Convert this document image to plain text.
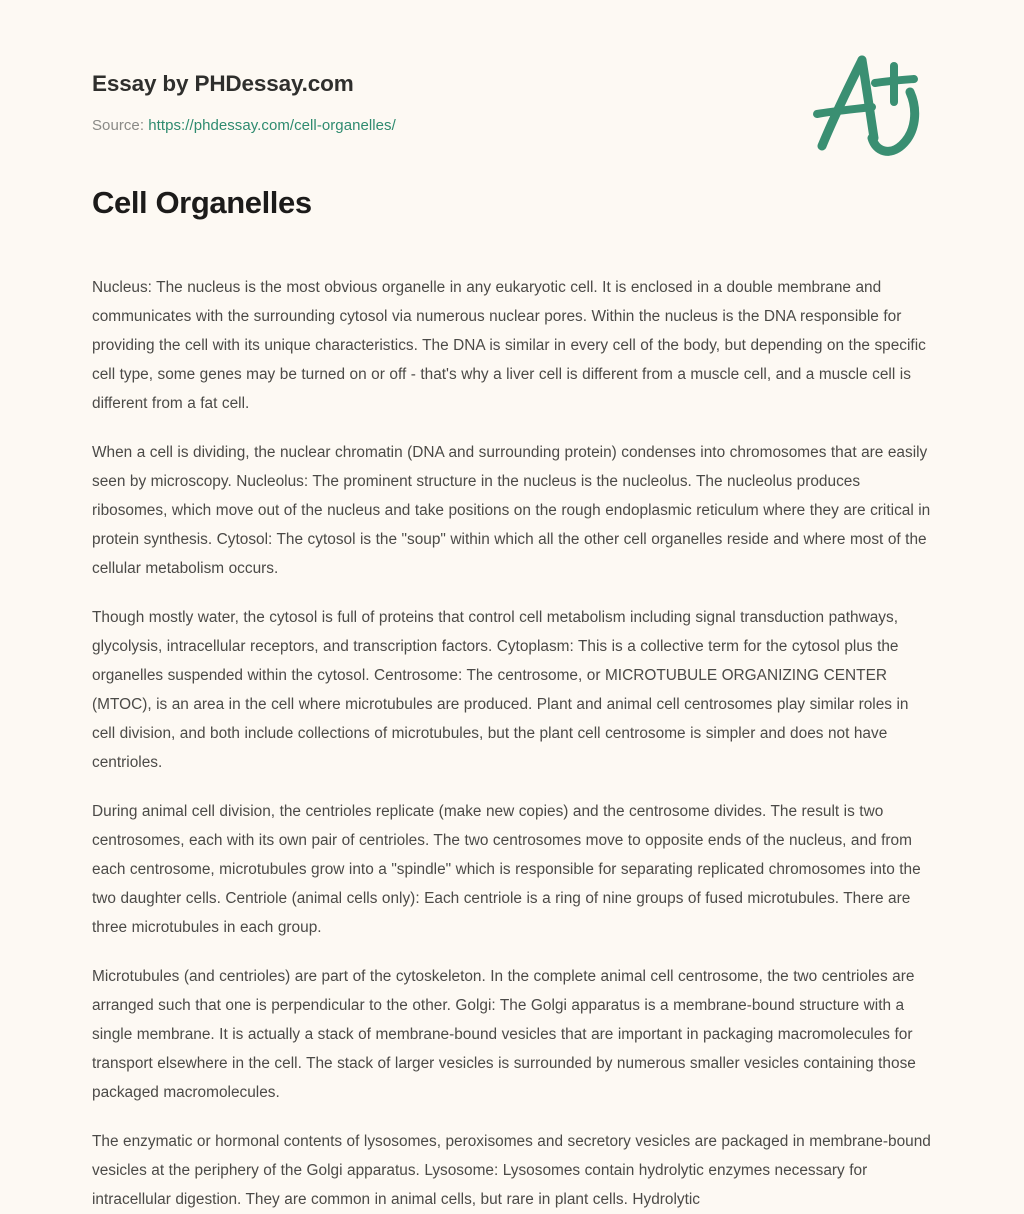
Essay by PHDessay.com
Source: https://phdessay.com/cell-organelles/
Cell Organelles

Nucleus: The nucleus is the most obvious organelle in any eukaryotic cell. It is enclosed in a double membrane and communicates with the surrounding cytosol via numerous nuclear pores. Within the nucleus is the DNA responsible for providing the cell with its unique characteristics. The DNA is similar in every cell of the body, but depending on the specific cell type, some genes may be turned on or off - that's why a liver cell is different from a muscle cell, and a muscle cell is different from a fat cell.

When a cell is dividing, the nuclear chromatin (DNA and surrounding protein) condenses into chromosomes that are easily seen by microscopy. Nucleolus: The prominent structure in the nucleus is the nucleolus. The nucleolus produces ribosomes, which move out of the nucleus and take positions on the rough endoplasmic reticulum where they are critical in protein synthesis. Cytosol: The cytosol is the "soup" within which all the other cell organelles reside and where most of the cellular metabolism occurs.

Though mostly water, the cytosol is full of proteins that control cell metabolism including signal transduction pathways, glycolysis, intracellular receptors, and transcription factors. Cytoplasm: This is a collective term for the cytosol plus the organelles suspended within the cytosol. Centrosome: The centrosome, or MICROTUBULE ORGANIZING CENTER (MTOC), is an area in the cell where microtubules are produced. Plant and animal cell centrosomes play similar roles in cell division, and both include collections of microtubules, but the plant cell centrosome is simpler and does not have centrioles.

During animal cell division, the centrioles replicate (make new copies) and the centrosome divides. The result is two centrosomes, each with its own pair of centrioles. The two centrosomes move to opposite ends of the nucleus, and from each centrosome, microtubules grow into a "spindle" which is responsible for separating replicated chromosomes into the two daughter cells. Centriole (animal cells only): Each centriole is a ring of nine groups of fused microtubules. There are three microtubules in each group.

Microtubules (and centrioles) are part of the cytoskeleton. In the complete animal cell centrosome, the two centrioles are arranged such that one is perpendicular to the other. Golgi: The Golgi apparatus is a membrane-bound structure with a single membrane. It is actually a stack of membrane-bound vesicles that are important in packaging macromolecules for transport elsewhere in the cell. The stack of larger vesicles is surrounded by numerous smaller vesicles containing those packaged macromolecules.

The enzymatic or hormonal contents of lysosomes, peroxisomes and secretory vesicles are packaged in membrane-bound vesicles at the periphery of the Golgi apparatus. Lysosome: Lysosomes contain hydrolytic enzymes necessary for intracellular digestion. They are common in animal cells, but rare in plant cells. Hydrolytic
